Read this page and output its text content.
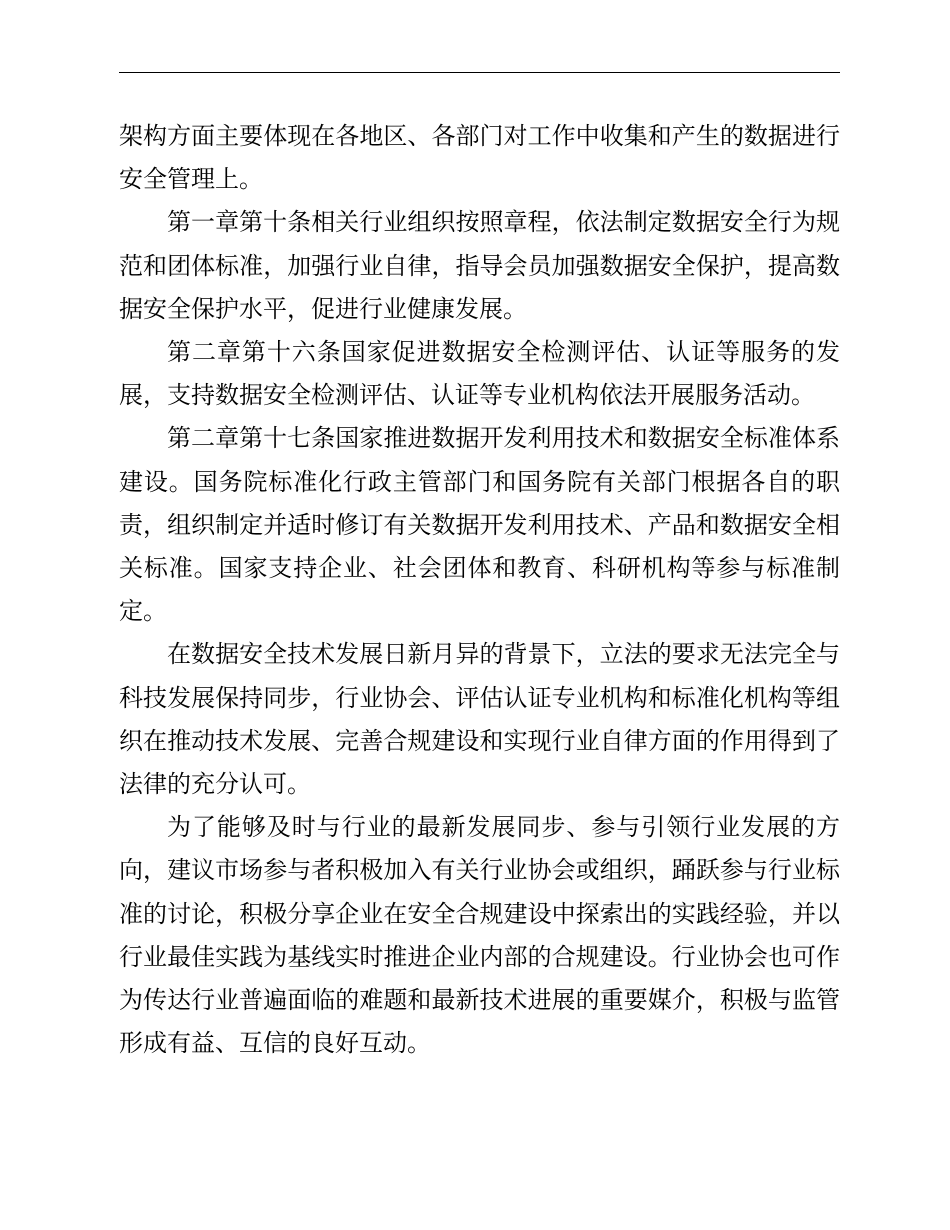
架构方面主要体现在各地区、各部门对工作中收集和产生的数据进行安全管理上。

第一章第十条相关行业组织按照章程，依法制定数据安全行为规范和团体标准，加强行业自律，指导会员加强数据安全保护，提高数据安全保护水平，促进行业健康发展。

第二章第十六条国家促进数据安全检测评估、认证等服务的发展，支持数据安全检测评估、认证等专业机构依法开展服务活动。

第二章第十七条国家推进数据开发利用技术和数据安全标准体系建设。国务院标准化行政主管部门和国务院有关部门根据各自的职责，组织制定并适时修订有关数据开发利用技术、产品和数据安全相关标准。国家支持企业、社会团体和教育、科研机构等参与标准制定。

在数据安全技术发展日新月异的背景下，立法的要求无法完全与科技发展保持同步，行业协会、评估认证专业机构和标准化机构等组织在推动技术发展、完善合规建设和实现行业自律方面的作用得到了法律的充分认可。

为了能够及时与行业的最新发展同步、参与引领行业发展的方向，建议市场参与者积极加入有关行业协会或组织，踊跃参与行业标准的讨论，积极分享企业在安全合规建设中探索出的实践经验，并以行业最佳实践为基线实时推进企业内部的合规建设。行业协会也可作为传达行业普遍面临的难题和最新技术进展的重要媒介，积极与监管形成有益、互信的良好互动。
